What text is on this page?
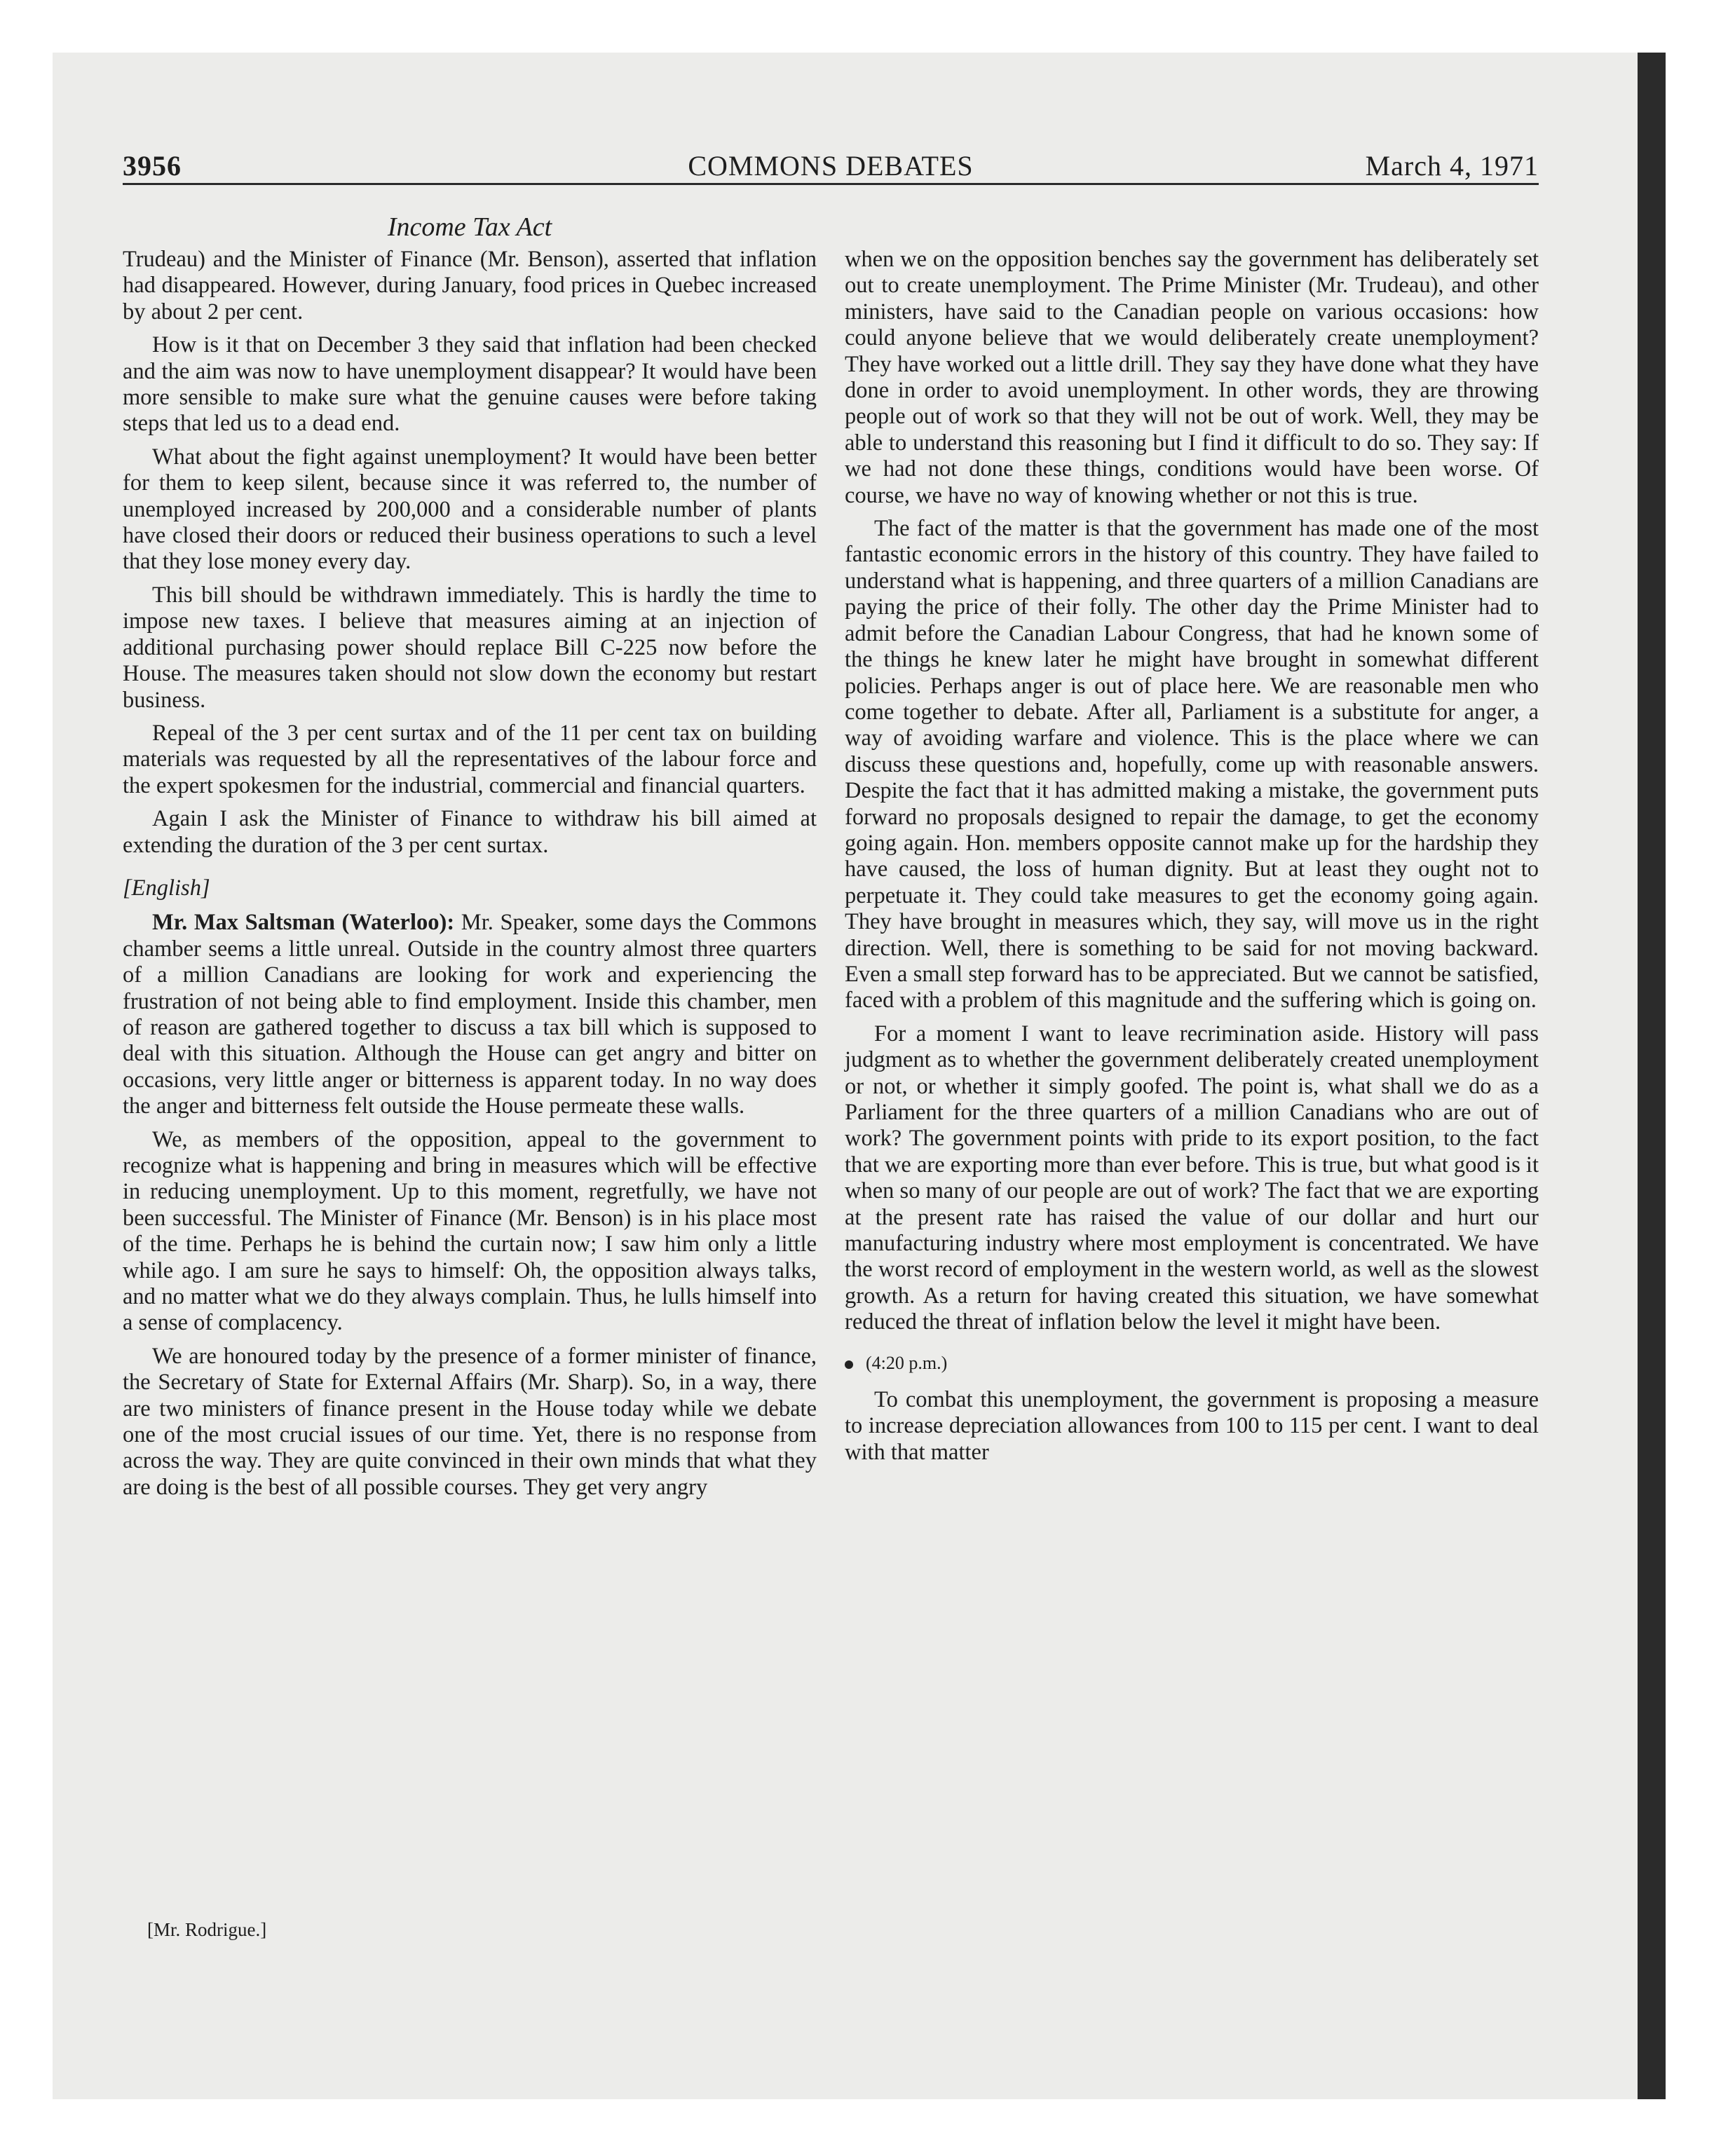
3956	COMMONS DEBATES	March 4, 1971
Income Tax Act

Trudeau) and the Minister of Finance (Mr. Benson), asserted that inflation had disappeared. However, during January, food prices in Quebec increased by about 2 per cent.

How is it that on December 3 they said that inflation had been checked and the aim was now to have unemployment disappear? It would have been more sensible to make sure what the genuine causes were before taking steps that led us to a dead end.

What about the fight against unemployment? It would have been better for them to keep silent, because since it was referred to, the number of unemployed increased by 200,000 and a considerable number of plants have closed their doors or reduced their business operations to such a level that they lose money every day.

This bill should be withdrawn immediately. This is hardly the time to impose new taxes. I believe that measures aiming at an injection of additional purchasing power should replace Bill C-225 now before the House. The measures taken should not slow down the economy but restart business.

Repeal of the 3 per cent surtax and of the 11 per cent tax on building materials was requested by all the representatives of the labour force and the expert spokesmen for the industrial, commercial and financial quarters.

Again I ask the Minister of Finance to withdraw his bill aimed at extending the duration of the 3 per cent surtax.

[English]

Mr. Max Saltsman (Waterloo): Mr. Speaker, some days the Commons chamber seems a little unreal. Outside in the country almost three quarters of a million Canadians are looking for work and experiencing the frustration of not being able to find employment. Inside this chamber, men of reason are gathered together to discuss a tax bill which is supposed to deal with this situation. Although the House can get angry and bitter on occasions, very little anger or bitterness is apparent today. In no way does the anger and bitterness felt outside the House permeate these walls.

We, as members of the opposition, appeal to the government to recognize what is happening and bring in measures which will be effective in reducing unemployment. Up to this moment, regretfully, we have not been successful. The Minister of Finance (Mr. Benson) is in his place most of the time. Perhaps he is behind the curtain now; I saw him only a little while ago. I am sure he says to himself: Oh, the opposition always talks, and no matter what we do they always complain. Thus, he lulls himself into a sense of complacency.

We are honoured today by the presence of a former minister of finance, the Secretary of State for External Affairs (Mr. Sharp). So, in a way, there are two ministers of finance present in the House today while we debate one of the most crucial issues of our time. Yet, there is no response from across the way. They are quite convinced in their own minds that what they are doing is the best of all possible courses. They get very angry

when we on the opposition benches say the government has deliberately set out to create unemployment. The Prime Minister (Mr. Trudeau), and other ministers, have said to the Canadian people on various occasions: how could anyone believe that we would deliberately create unemployment? They have worked out a little drill. They say they have done what they have done in order to avoid unemployment. In other words, they are throwing people out of work so that they will not be out of work. Well, they may be able to understand this reasoning but I find it difficult to do so. They say: If we had not done these things, conditions would have been worse. Of course, we have no way of knowing whether or not this is true.

The fact of the matter is that the government has made one of the most fantastic economic errors in the history of this country. They have failed to understand what is happening, and three quarters of a million Canadians are paying the price of their folly. The other day the Prime Minister had to admit before the Canadian Labour Congress, that had he known some of the things he knew later he might have brought in somewhat different policies. Perhaps anger is out of place here. We are reasonable men who come together to debate. After all, Parliament is a substitute for anger, a way of avoiding warfare and violence. This is the place where we can discuss these questions and, hopefully, come up with reasonable answers. Despite the fact that it has admitted making a mistake, the government puts forward no proposals designed to repair the damage, to get the economy going again. Hon. members opposite cannot make up for the hardship they have caused, the loss of human dignity. But at least they ought not to perpetuate it. They could take measures to get the economy going again. They have brought in measures which, they say, will move us in the right direction. Well, there is something to be said for not moving backward. Even a small step forward has to be appreciated. But we cannot be satisfied, faced with a problem of this magnitude and the suffering which is going on.

For a moment I want to leave recrimination aside. History will pass judgment as to whether the government deliberately created unemployment or not, or whether it simply goofed. The point is, what shall we do as a Parliament for the three quarters of a million Canadians who are out of work? The government points with pride to its export position, to the fact that we are exporting more than ever before. This is true, but what good is it when so many of our people are out of work? The fact that we are exporting at the present rate has raised the value of our dollar and hurt our manufacturing industry where most employment is concentrated. We have the worst record of employment in the western world, as well as the slowest growth. As a return for having created this situation, we have somewhat reduced the threat of inflation below the level it might have been.

(4:20 p.m.)

To combat this unemployment, the government is proposing a measure to increase depreciation allowances from 100 to 115 per cent. I want to deal with that matter

[Mr. Rodrigue.]
